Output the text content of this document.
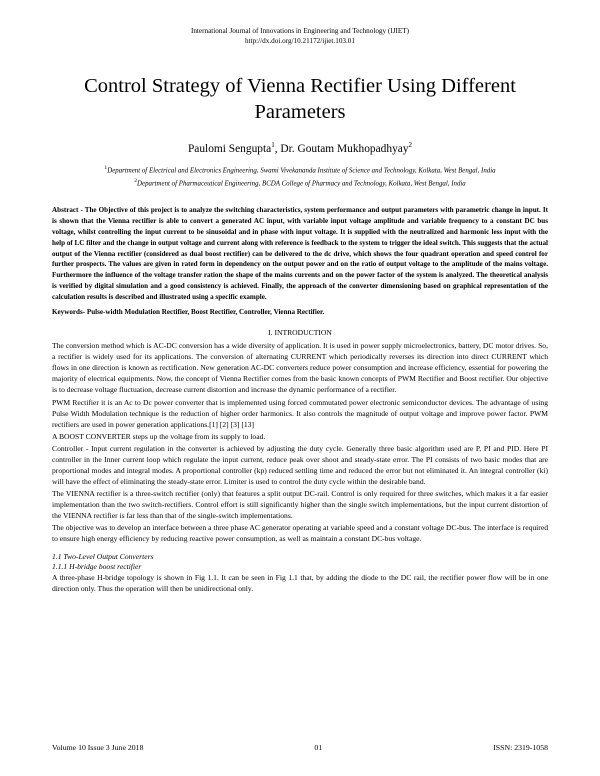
International Journal of Innovations in Engineering and Technology (IJIET)
http://dx.doi.org/10.21172/ijiet.103.01
Control Strategy of Vienna Rectifier Using Different Parameters
Paulomi Sengupta$^1$, Dr. Goutam Mukhopadhyay$^2$
$^1$Department of Electrical and Electronics Engineering, Swami Vivekananda Institute of Science and Technology, Kolkata, West Bengal, India
$^2$Department of Pharmaceutical Engineering, BCDA College of Pharmacy and Technology, Kolkata, West Bengal, India
Abstract - The Objective of this project is to analyze the switching characteristics, system performance and output parameters with parametric change in input. It is shown that the Vienna rectifier is able to convert a generated AC input, with variable input voltage amplitude and variable frequency to a constant DC bus voltage, whilst controlling the input current to be sinusoidal and in phase with input voltage. It is supplied with the neutralized and harmonic less input with the help of LC filter and the change in output voltage and current along with reference is feedback to the system to trigger the ideal switch. This suggests that the actual output of the Vienna rectifier (considered as dual boost rectifier) can be delivered to the dc drive, which shows the four quadrant operation and speed control for further prospects. The values are given in rated form in dependency on the output power and on the ratio of output voltage to the amplitude of the mains voltage. Furthermore the influence of the voltage transfer ration the shape of the mains currents and on the power factor of the system is analyzed. The theoretical analysis is verified by digital simulation and a good consistency is achieved. Finally, the approach of the converter dimensioning based on graphical representation of the calculation results is described and illustrated using a specific example.
Keywords- Pulse-width Modulation Rectifier, Boost Rectifier, Controller, Vienna Rectifier.
I. INTRODUCTION

The conversion method which is AC-DC conversion has a wide diversity of application. It is used in power supply microelectronics, battery, DC motor drives. So, a rectifier is widely used for its applications. The conversion of alternating CURRENT which periodically reverses its direction into direct CURRENT which flows in one direction is known as rectification. New generation AC-DC converters reduce power consumption and increase efficiency, essential for powering the majority of electrical equipments. Now, the concept of Vienna Rectifier comes from the basic known concepts of PWM Rectifier and Boost rectifier. Our objective is to decrease voltage fluctuation, decrease current distortion and increase the dynamic performance of a rectifier.

PWM Rectifier it is an Ac to Dc power converter that is implemented using forced commutated power electronic semiconductor devices. The advantage of using Pulse Width Modulation technique is the reduction of higher order harmonics. It also controls the magnitude of output voltage and improve power factor. PWM rectifiers are used in power generation applications.[1] [2] [3] [13]

A BOOST CONVERTER steps up the voltage from its supply to load.

Controller - Input current regulation in the converter is achieved by adjusting the duty cycle. Generally three basic algorithm used are P, PI and PID. Here PI controller in the Inner current loop which regulate the input current, reduce peak over shoot and steady-state error. The PI consists of two basic modes that are proportional modes and integral modes. A proportional controller (kp) reduced settling time and reduced the error but not eliminated it. An integral controller (ki) will have the effect of eliminating the steady-state error. Limiter is used to control the duty cycle within the desirable band.

The VIENNA rectifier is a three-switch rectifier (only) that features a split output DC-rail. Control is only required for three switches, which makes it a far easier implementation than the two switch-rectifiers. Control effort is still significantly higher than the single switch implementations, but the input current distortion of the VIENNA rectifier is far less than that of the single-switch implementations.

The objective was to develop an interface between a three phase AC generator operating at variable speed and a constant voltage DC-bus. The interface is required to ensure high energy efficiency by reducing reactive power consumption, as well as maintain a constant DC-bus voltage.

1.1 Two-Level Output Converters
1.1.1 H-bridge boost rectifier

A three-phase H-bridge topology is shown in Fig 1.1. It can be seen in Fig 1.1 that, by adding the diode to the DC rail, the rectifier power flow will be in one direction only. Thus the operation will then be unidirectional only.

Volume 10 Issue 3 June 2018	01	ISSN: 2319-1058
